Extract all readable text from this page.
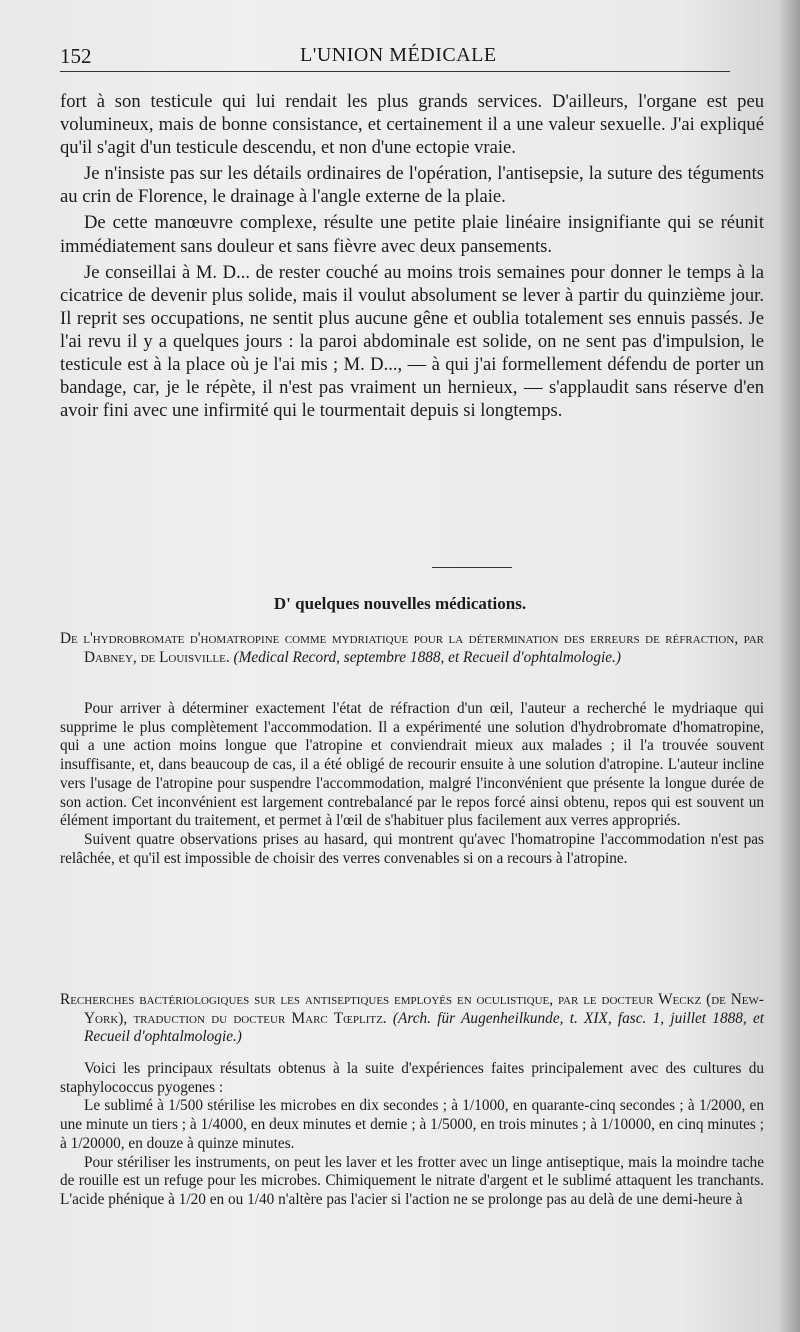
152	L'UNION MÉDICALE

fort à son testicule qui lui rendait les plus grands services. D'ailleurs, l'organe est peu volumineux, mais de bonne consistance, et certainement il a une valeur sexuelle. J'ai expliqué qu'il s'agit d'un testicule descendu, et non d'une ectopie vraie.

Je n'insiste pas sur les détails ordinaires de l'opération, l'antisepsie, la suture des téguments au crin de Florence, le drainage à l'angle externe de la plaie.

De cette manœuvre complexe, résulte une petite plaie linéaire insignifiante qui se réunit immédiatement sans douleur et sans fièvre avec deux pansements.

Je conseillai à M. D... de rester couché au moins trois semaines pour donner le temps à la cicatrice de devenir plus solide, mais il voulut absolument se lever à partir du quinzième jour. Il reprit ses occupations, ne sentit plus aucune gêne et oublia totalement ses ennuis passés. Je l'ai revu il y a quelques jours : la paroi abdominale est solide, on ne sent pas d'impulsion, le testicule est à la place où je l'ai mis ; M. D..., — à qui j'ai formellement défendu de porter un bandage, car, je le répète, il n'est pas vraiment un hernieux, — s'applaudit sans réserve d'en avoir fini avec une infirmité qui le tourmentait depuis si longtemps.

D' quelques nouvelles médications.

De l'hydrobromate d'homatropine comme mydriatique pour la détermination des erreurs de réfraction, par Dabney, de Louisville. (Medical Record, septembre 1888, et Recueil d'ophtalmologie.)

Pour arriver à déterminer exactement l'état de réfraction d'un œil, l'auteur a recherché le mydriaque qui supprime le plus complètement l'accommodation. Il a expérimenté une solution d'hydrobromate d'homatropine, qui a une action moins longue que l'atropine et conviendrait mieux aux malades ; il l'a trouvée souvent insuffisante, et, dans beaucoup de cas, il a été obligé de recourir ensuite à une solution d'atropine. L'auteur incline vers l'usage de l'atropine pour suspendre l'accommodation, malgré l'inconvénient que présente la longue durée de son action. Cet inconvénient est largement contrebalancé par le repos forcé ainsi obtenu, repos qui est souvent un élément important du traitement, et permet à l'œil de s'habituer plus facilement aux verres appropriés.

Suivent quatre observations prises au hasard, qui montrent qu'avec l'homatropine l'accommodation n'est pas relâchée, et qu'il est impossible de choisir des verres convenables si on a recours à l'atropine.

Recherches bactériologiques sur les antiseptiques employés en oculistique, par le docteur Weckz (de New-York), traduction du docteur Marc Tœplitz. (Arch. für Augenheilkunde, t. XIX, fasc. 1, juillet 1888, et Recueil d'ophtalmologie.)

Voici les principaux résultats obtenus à la suite d'expériences faites principalement avec des cultures du staphylococcus pyogenes :

Le sublimé à 1/500 stérilise les microbes en dix secondes ; à 1/1000, en quarante-cinq secondes ; à 1/2000, en une minute un tiers ; à 1/4000, en deux minutes et demie ; à 1/5000, en trois minutes ; à 1/10000, en cinq minutes ; à 1/20000, en douze à quinze minutes.

Pour stériliser les instruments, on peut les laver et les frotter avec un linge antiseptique, mais la moindre tache de rouille est un refuge pour les microbes. Chimiquement le nitrate d'argent et le sublimé attaquent les tranchants. L'acide phénique à 1/20 en ou 1/40 n'altère pas l'acier si l'action ne se prolonge pas au delà de une demi-heure à
